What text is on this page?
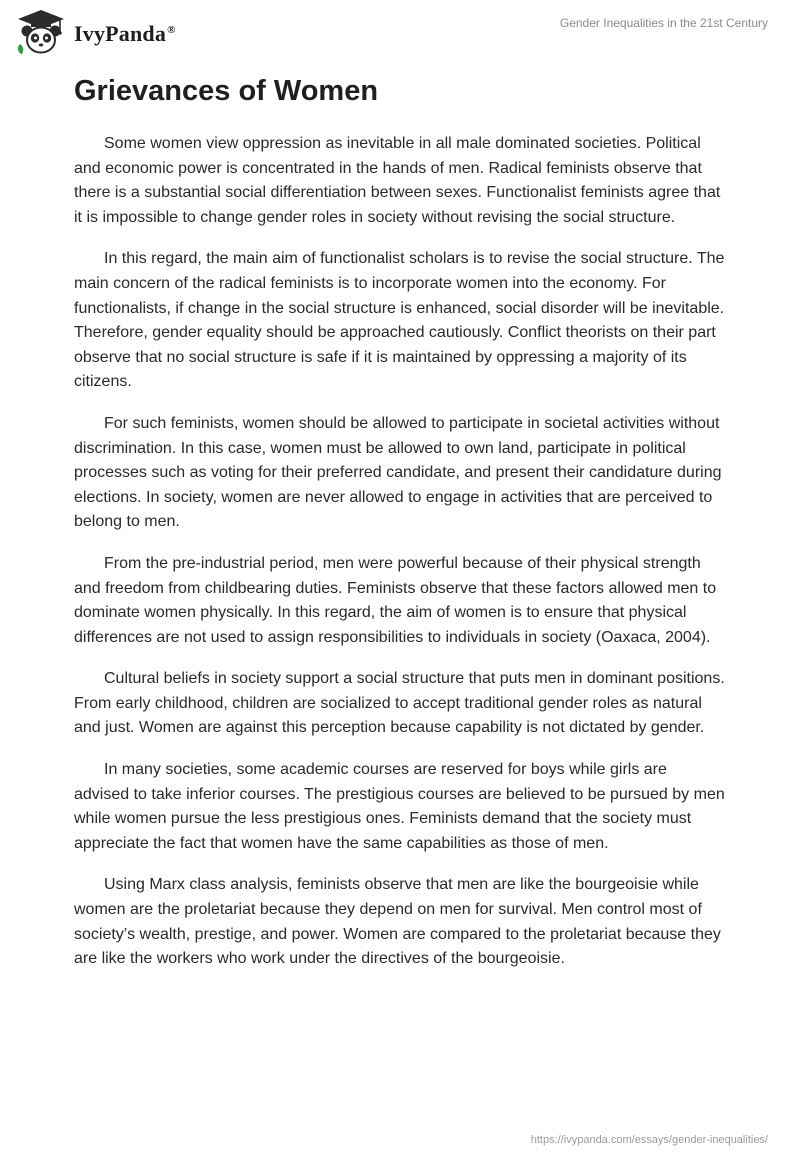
IvyPanda®	Gender Inequalities in the 21st Century
Grievances of Women

Some women view oppression as inevitable in all male dominated societies. Political and economic power is concentrated in the hands of men. Radical feminists observe that there is a substantial social differentiation between sexes. Functionalist feminists agree that it is impossible to change gender roles in society without revising the social structure.

In this regard, the main aim of functionalist scholars is to revise the social structure. The main concern of the radical feminists is to incorporate women into the economy. For functionalists, if change in the social structure is enhanced, social disorder will be inevitable. Therefore, gender equality should be approached cautiously. Conflict theorists on their part observe that no social structure is safe if it is maintained by oppressing a majority of its citizens.

For such feminists, women should be allowed to participate in societal activities without discrimination. In this case, women must be allowed to own land, participate in political processes such as voting for their preferred candidate, and present their candidature during elections. In society, women are never allowed to engage in activities that are perceived to belong to men.

From the pre-industrial period, men were powerful because of their physical strength and freedom from childbearing duties. Feminists observe that these factors allowed men to dominate women physically. In this regard, the aim of women is to ensure that physical differences are not used to assign responsibilities to individuals in society (Oaxaca, 2004).

Cultural beliefs in society support a social structure that puts men in dominant positions. From early childhood, children are socialized to accept traditional gender roles as natural and just. Women are against this perception because capability is not dictated by gender.

In many societies, some academic courses are reserved for boys while girls are advised to take inferior courses. The prestigious courses are believed to be pursued by men while women pursue the less prestigious ones. Feminists demand that the society must appreciate the fact that women have the same capabilities as those of men.

Using Marx class analysis, feminists observe that men are like the bourgeoisie while women are the proletariat because they depend on men for survival. Men control most of society’s wealth, prestige, and power. Women are compared to the proletariat because they are like the workers who work under the directives of the bourgeoisie.

https://ivypanda.com/essays/gender-inequalities/
